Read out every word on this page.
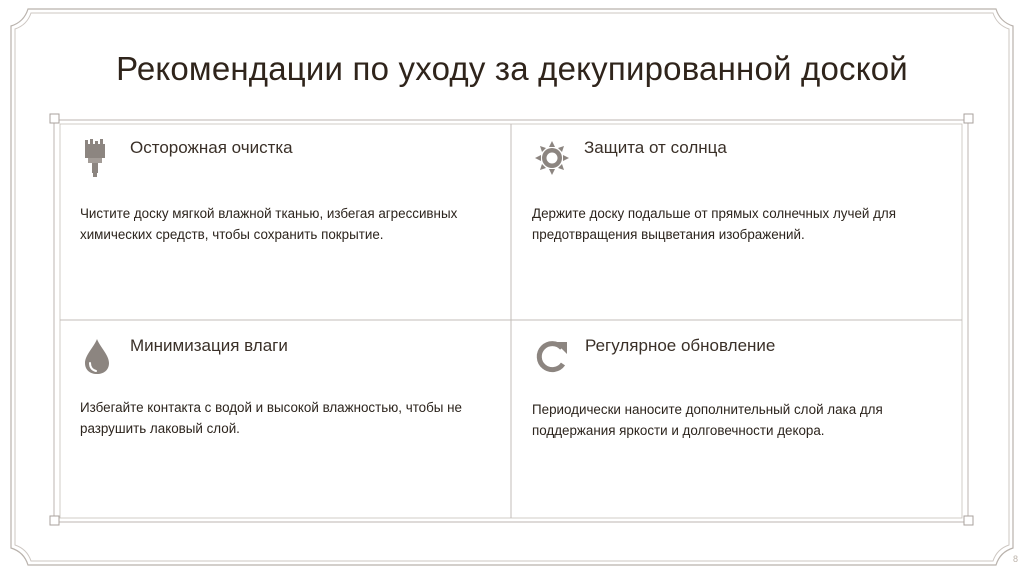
Рекомендации по уходу за декупированной доской
Осторожная очистка
Чистите доску мягкой влажной тканью, избегая агрессивных химических средств, чтобы сохранить покрытие.
Защита от солнца
Держите доску подальше от прямых солнечных лучей для предотвращения выцветания изображений.
Минимизация влаги
Избегайте контакта с водой и высокой влажностью, чтобы не разрушить лаковый слой.
Регулярное обновление
Периодически наносите дополнительный слой лака для поддержания яркости и долговечности декора.
8
